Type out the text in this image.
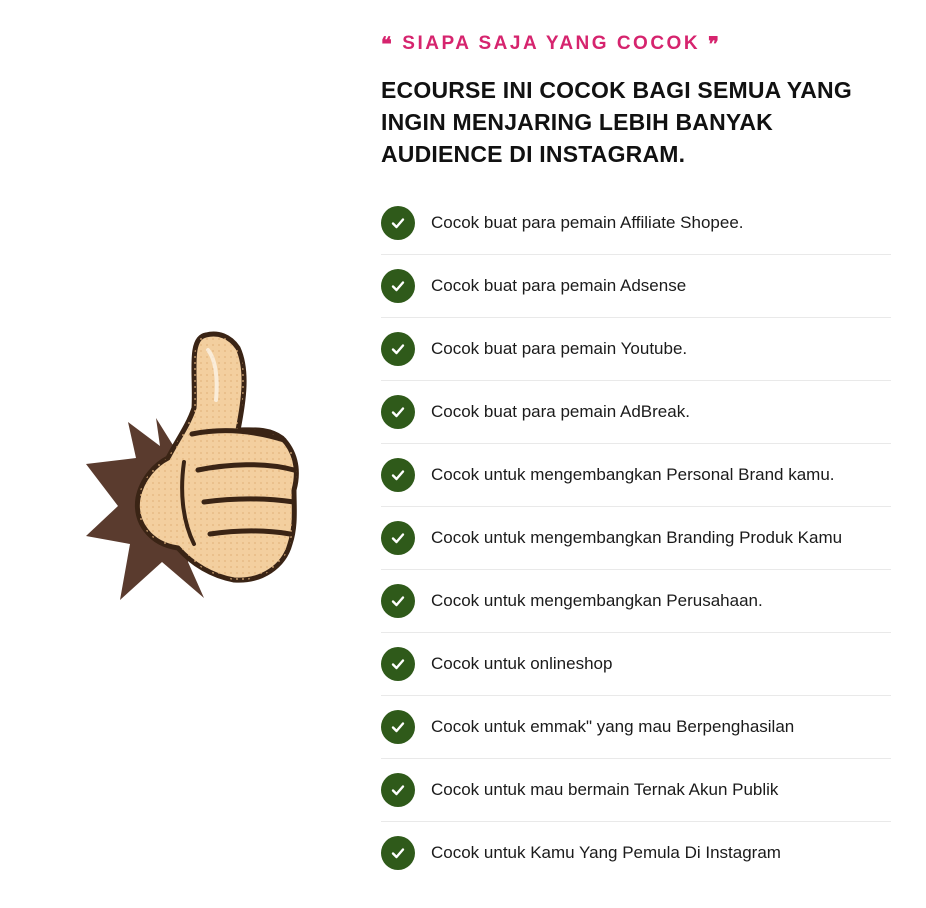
❝ SIAPA SAJA YANG COCOK ❞
ECOURSE INI COCOK BAGI SEMUA YANG INGIN MENJARING LEBIH BANYAK AUDIENCE DI INSTAGRAM.
Cocok buat para pemain Affiliate Shopee.
Cocok buat para pemain Adsense
Cocok buat para pemain Youtube.
Cocok buat para pemain AdBreak.
Cocok untuk mengembangkan Personal Brand kamu.
Cocok untuk mengembangkan Branding Produk Kamu
Cocok untuk mengembangkan Perusahaan.
Cocok untuk onlineshop
Cocok untuk emmak" yang mau Berpenghasilan
Cocok untuk mau bermain Ternak Akun Publik
Cocok untuk Kamu Yang Pemula Di Instagram
